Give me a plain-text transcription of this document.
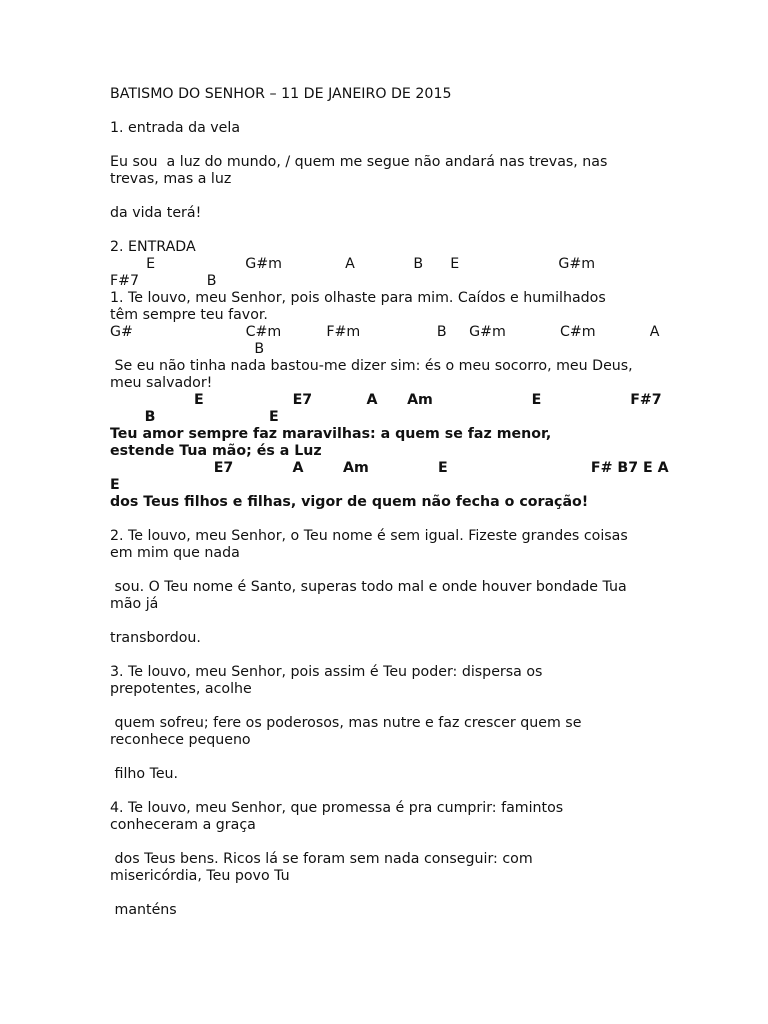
BATISMO DO SENHOR – 11 DE JANEIRO DE 2015
1. entrada da vela
Eu sou  a luz do mundo, / quem me segue não andará nas trevas, nas
trevas, mas a luz
da vida terá!
2. ENTRADA
E                    G#m              A             B      E                      G#m
F#7               B
1. Te louvo, meu Senhor, pois olhaste para mim. Caídos e humilhados
têm sempre teu favor.
G#                         C#m          F#m                 B     G#m            C#m            A
B
Se eu não tinha nada bastou-me dizer sim: és o meu socorro, meu Deus,
meu salvador!
E                  E7           A      Am                    E                  F#7
B                       E
Teu amor sempre faz maravilhas: a quem se faz menor,
estende Tua mão; és a Luz
E7            A        Am              E                             F# B7 E A
E
dos Teus filhos e filhas, vigor de quem não fecha o coração!
2. Te louvo, meu Senhor, o Teu nome é sem igual. Fizeste grandes coisas
em mim que nada
sou. O Teu nome é Santo, superas todo mal e onde houver bondade Tua
mão já
transbordou.
3. Te louvo, meu Senhor, pois assim é Teu poder: dispersa os
prepotentes, acolhe
quem sofreu; fere os poderosos, mas nutre e faz crescer quem se
reconhece pequeno
filho Teu.
4. Te louvo, meu Senhor, que promessa é pra cumprir: famintos
conheceram a graça
dos Teus bens. Ricos lá se foram sem nada conseguir: com
misericórdia, Teu povo Tu
manténs
